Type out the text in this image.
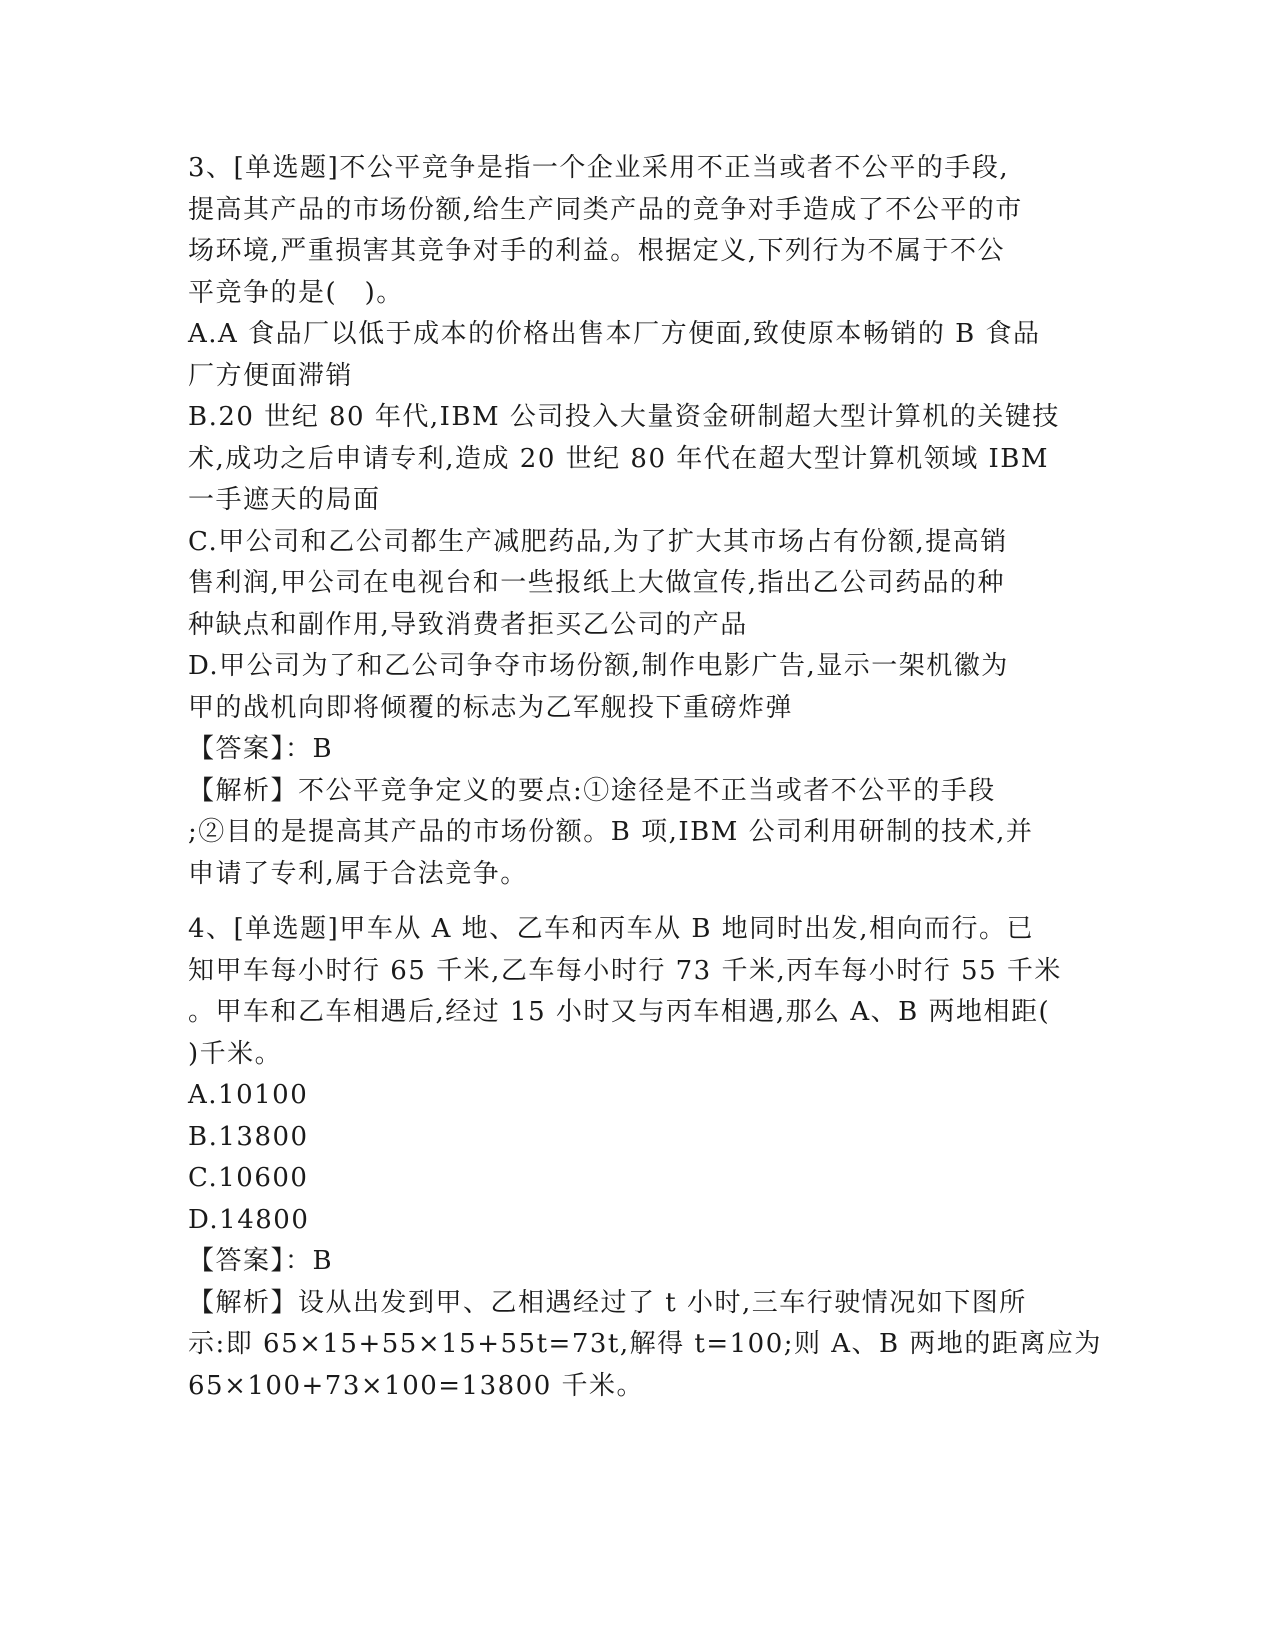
3、[单选题]不公平竞争是指一个企业采用不正当或者不公平的手段,
提高其产品的市场份额,给生产同类产品的竞争对手造成了不公平的市
场环境,严重损害其竞争对手的利益。根据定义,下列行为不属于不公
平竞争的是(　)。
A.A 食品厂以低于成本的价格出售本厂方便面,致使原本畅销的 B 食品
厂方便面滞销
B.20 世纪 80 年代,IBM 公司投入大量资金研制超大型计算机的关键技
术,成功之后申请专利,造成 20 世纪 80 年代在超大型计算机领域 IBM
一手遮天的局面
C.甲公司和乙公司都生产减肥药品,为了扩大其市场占有份额,提高销
售利润,甲公司在电视台和一些报纸上大做宣传,指出乙公司药品的种
种缺点和副作用,导致消费者拒买乙公司的产品
D.甲公司为了和乙公司争夺市场份额,制作电影广告,显示一架机徽为
甲的战机向即将倾覆的标志为乙军舰投下重磅炸弹
【答案】：B
【解析】不公平竞争定义的要点:①途径是不正当或者不公平的手段
;②目的是提高其产品的市场份额。B 项,IBM 公司利用研制的技术,并
申请了专利,属于合法竞争。
4、[单选题]甲车从 A 地、乙车和丙车从 B 地同时出发,相向而行。已
知甲车每小时行 65 千米,乙车每小时行 73 千米,丙车每小时行 55 千米
。甲车和乙车相遇后,经过 15 小时又与丙车相遇,那么 A、B 两地相距(
)千米。
A.10100
B.13800
C.10600
D.14800
【答案】：B
【解析】设从出发到甲、乙相遇经过了 t 小时,三车行驶情况如下图所
示:即 65×15+55×15+55t=73t,解得 t=100;则 A、B 两地的距离应为
65×100+73×100=13800 千米。
